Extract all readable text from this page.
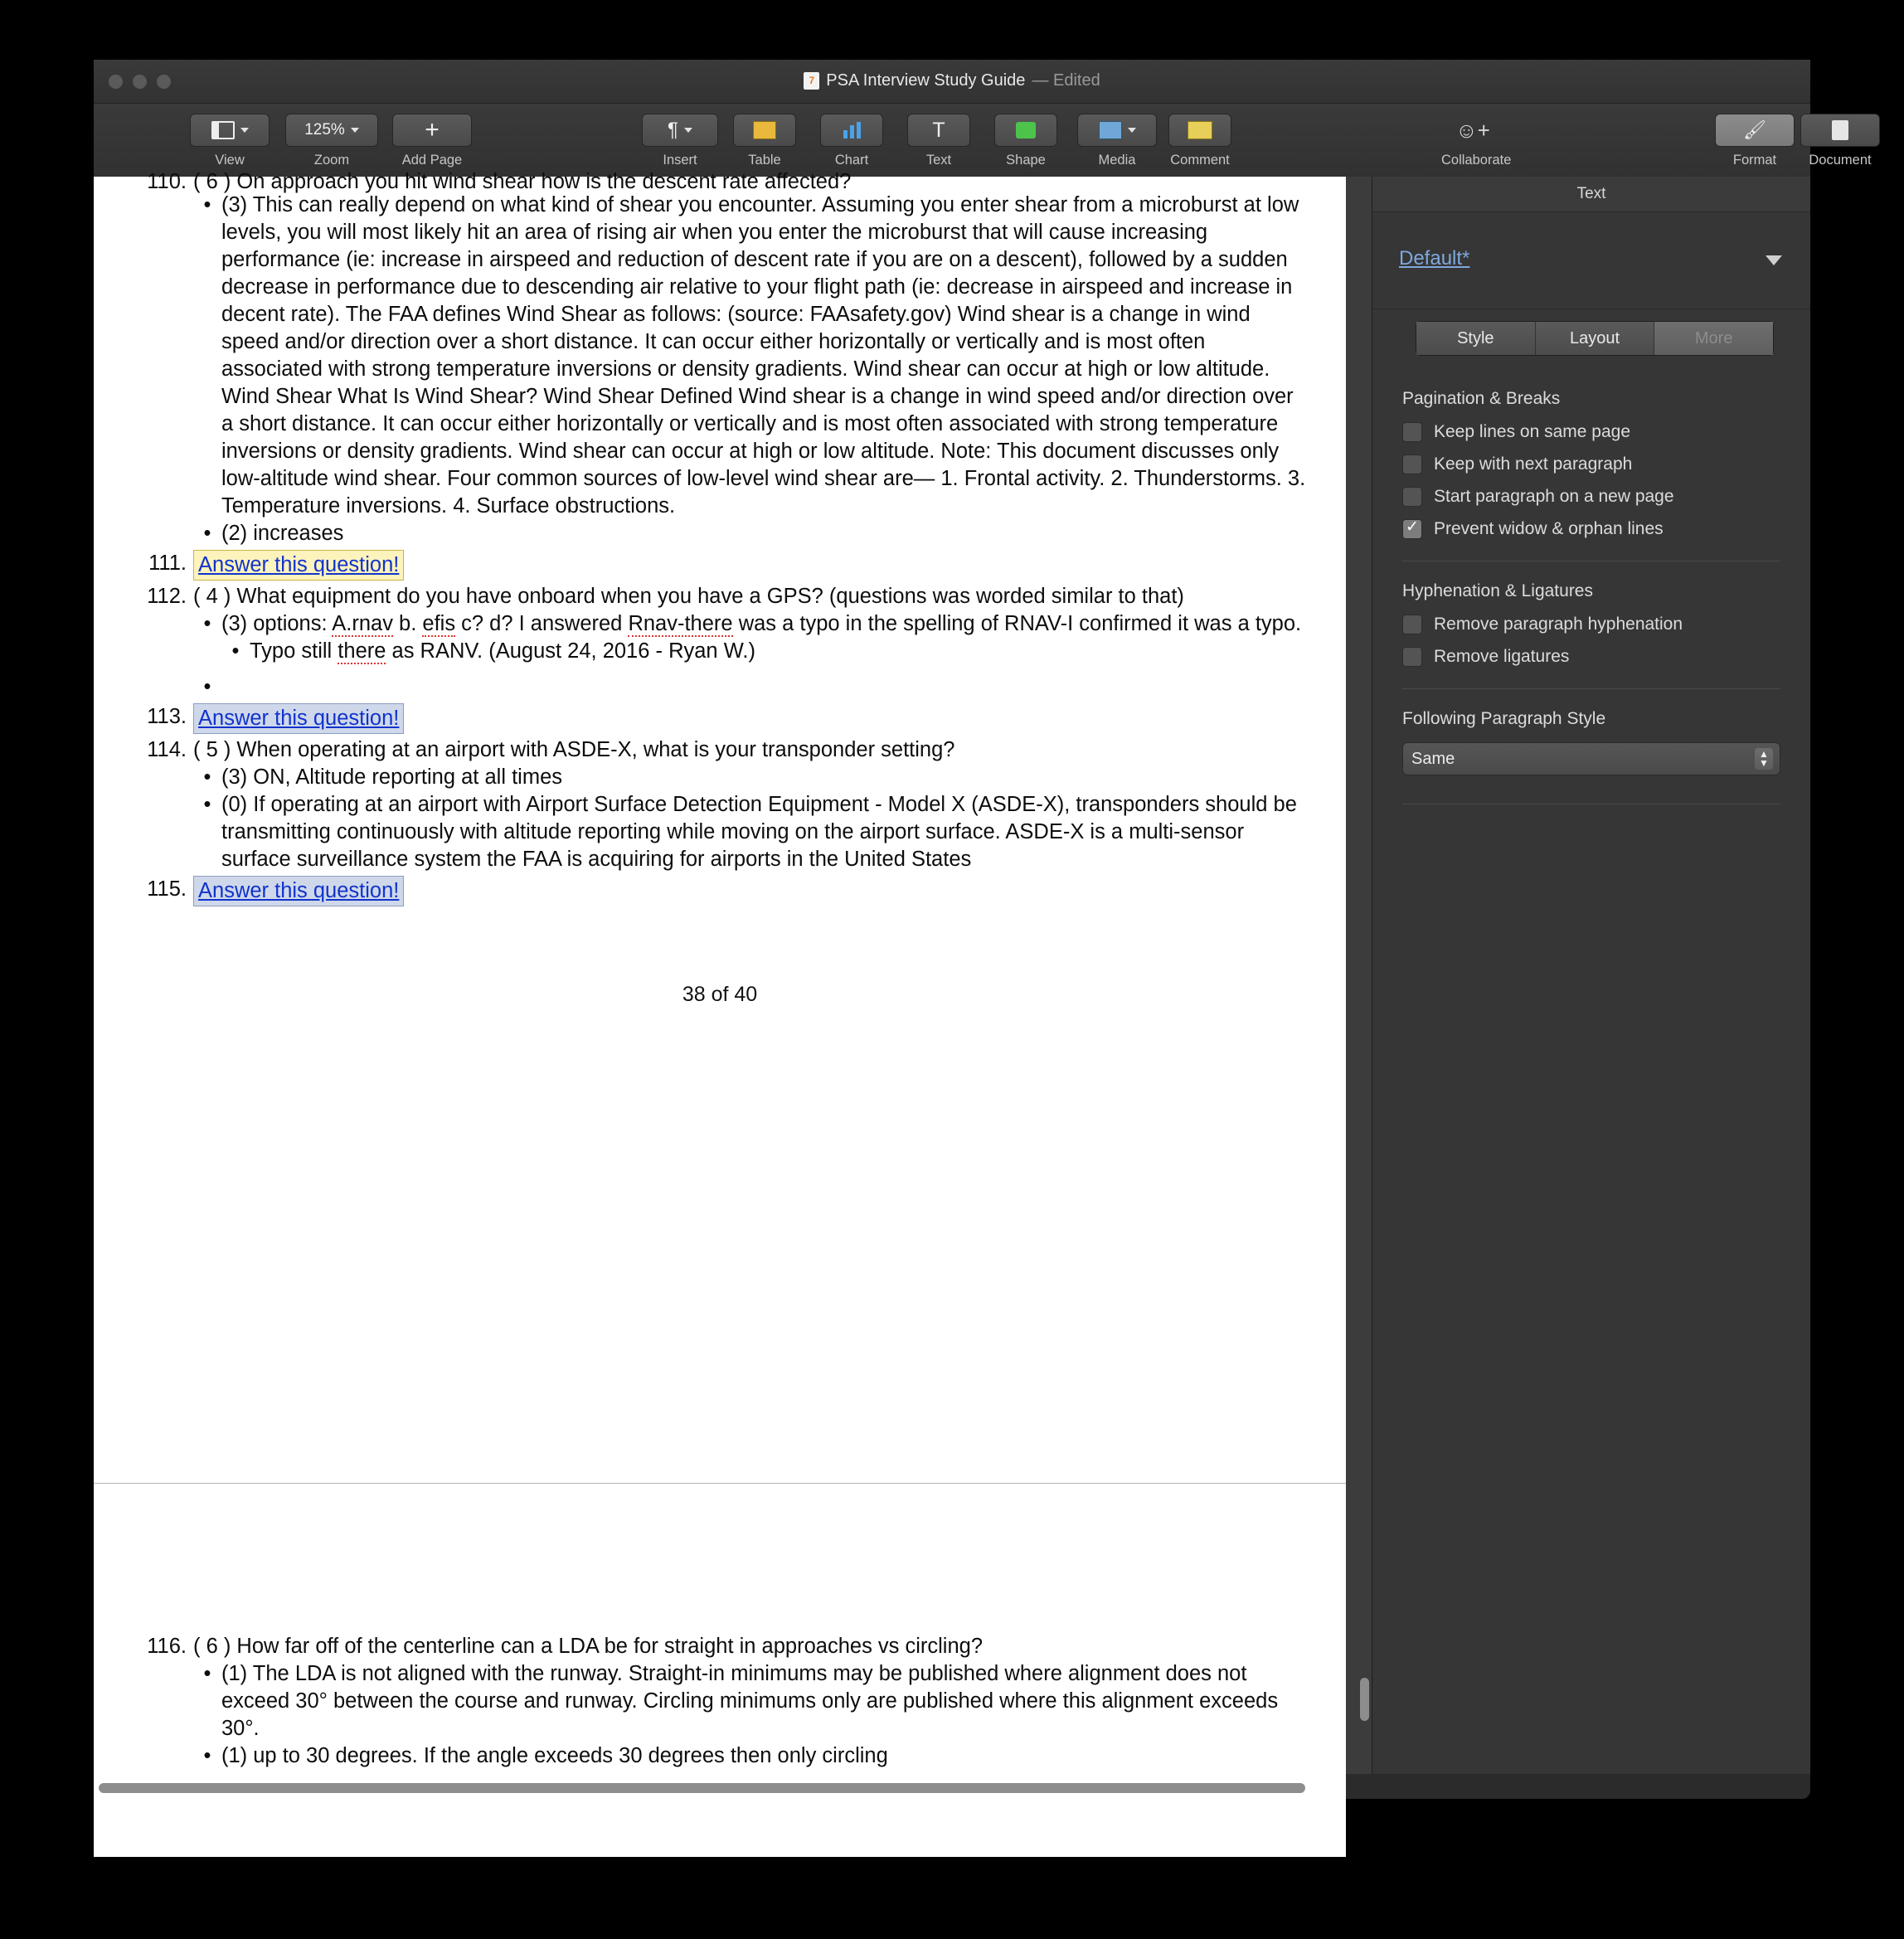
7 PSA Interview Study Guide — Edited
View
125%
Zoom
+
Add Page
¶
Insert	Table	Chart
T
Text	Shape	Media	Comment
☺+
Collaborate
🖌
Format	Document
110. ( 6 ) On approach you hit wind shear how is the descent rate affected?
• (3) This can really depend on what kind of shear you encounter. Assuming you enter shear from a microburst at low levels, you will most likely hit an area of rising air when you enter the microburst that will cause increasing performance (ie: increase in airspeed and reduction of descent rate if you are on a descent), followed by a sudden decrease in performance due to descending air relative to your flight path (ie: decrease in airspeed and increase in decent rate). The FAA defines Wind Shear as follows: (source: FAAsafety.gov) Wind shear is a change in wind speed and/or direction over a short distance. It can occur either horizontally or vertically and is most often associated with strong temperature inversions or density gradients. Wind shear can occur at high or low altitude. Wind Shear What Is Wind Shear? Wind Shear Defined Wind shear is a change in wind speed and/or direction over a short distance. It can occur either horizontally or vertically and is most often associated with strong temperature inversions or density gradients. Wind shear can occur at high or low altitude. Note: This document discusses only low-altitude wind shear. Four common sources of low-level wind shear are— 1. Frontal activity. 2. Thunderstorms. 3. Temperature inversions. 4. Surface obstructions.
• (2) increases
111. Answer this question!
112. ( 4 ) What equipment do you have onboard when you have a GPS? (questions was worded similar to that)
• (3) options: A.rnav b. efis c? d? I answered Rnav-there was a typo in the spelling of RNAV-I confirmed it was a typo.
• Typo still there as RANV. (August 24, 2016 - Ryan W.)
•
113. Answer this question!
114. ( 5 ) When operating at an airport with ASDE-X, what is your transponder setting?
• (3) ON, Altitude reporting at all times
• (0) If operating at an airport with Airport Surface Detection Equipment - Model X (ASDE-X), transponders should be transmitting continuously with altitude reporting while moving on the airport surface. ASDE-X is a multi-sensor surface surveillance system the FAA is acquiring for airports in the United States
115. Answer this question!
38 of 40
116. ( 6 ) How far off of the centerline can a LDA be for straight in approaches vs circling?
• (1) The LDA is not aligned with the runway. Straight-in minimums may be published where alignment does not exceed 30° between the course and runway. Circling minimums only are published where this alignment exceeds 30°.
• (1) up to 30 degrees. If the angle exceeds 30 degrees then only circling
Text
Default*
Style	Layout	More
Pagination & Breaks
Keep lines on same page
Keep with next paragraph
Start paragraph on a new page
✓
Prevent widow & orphan lines
Hyphenation & Ligatures
Remove paragraph hyphenation
Remove ligatures
Following Paragraph Style
Same	▲
▼
